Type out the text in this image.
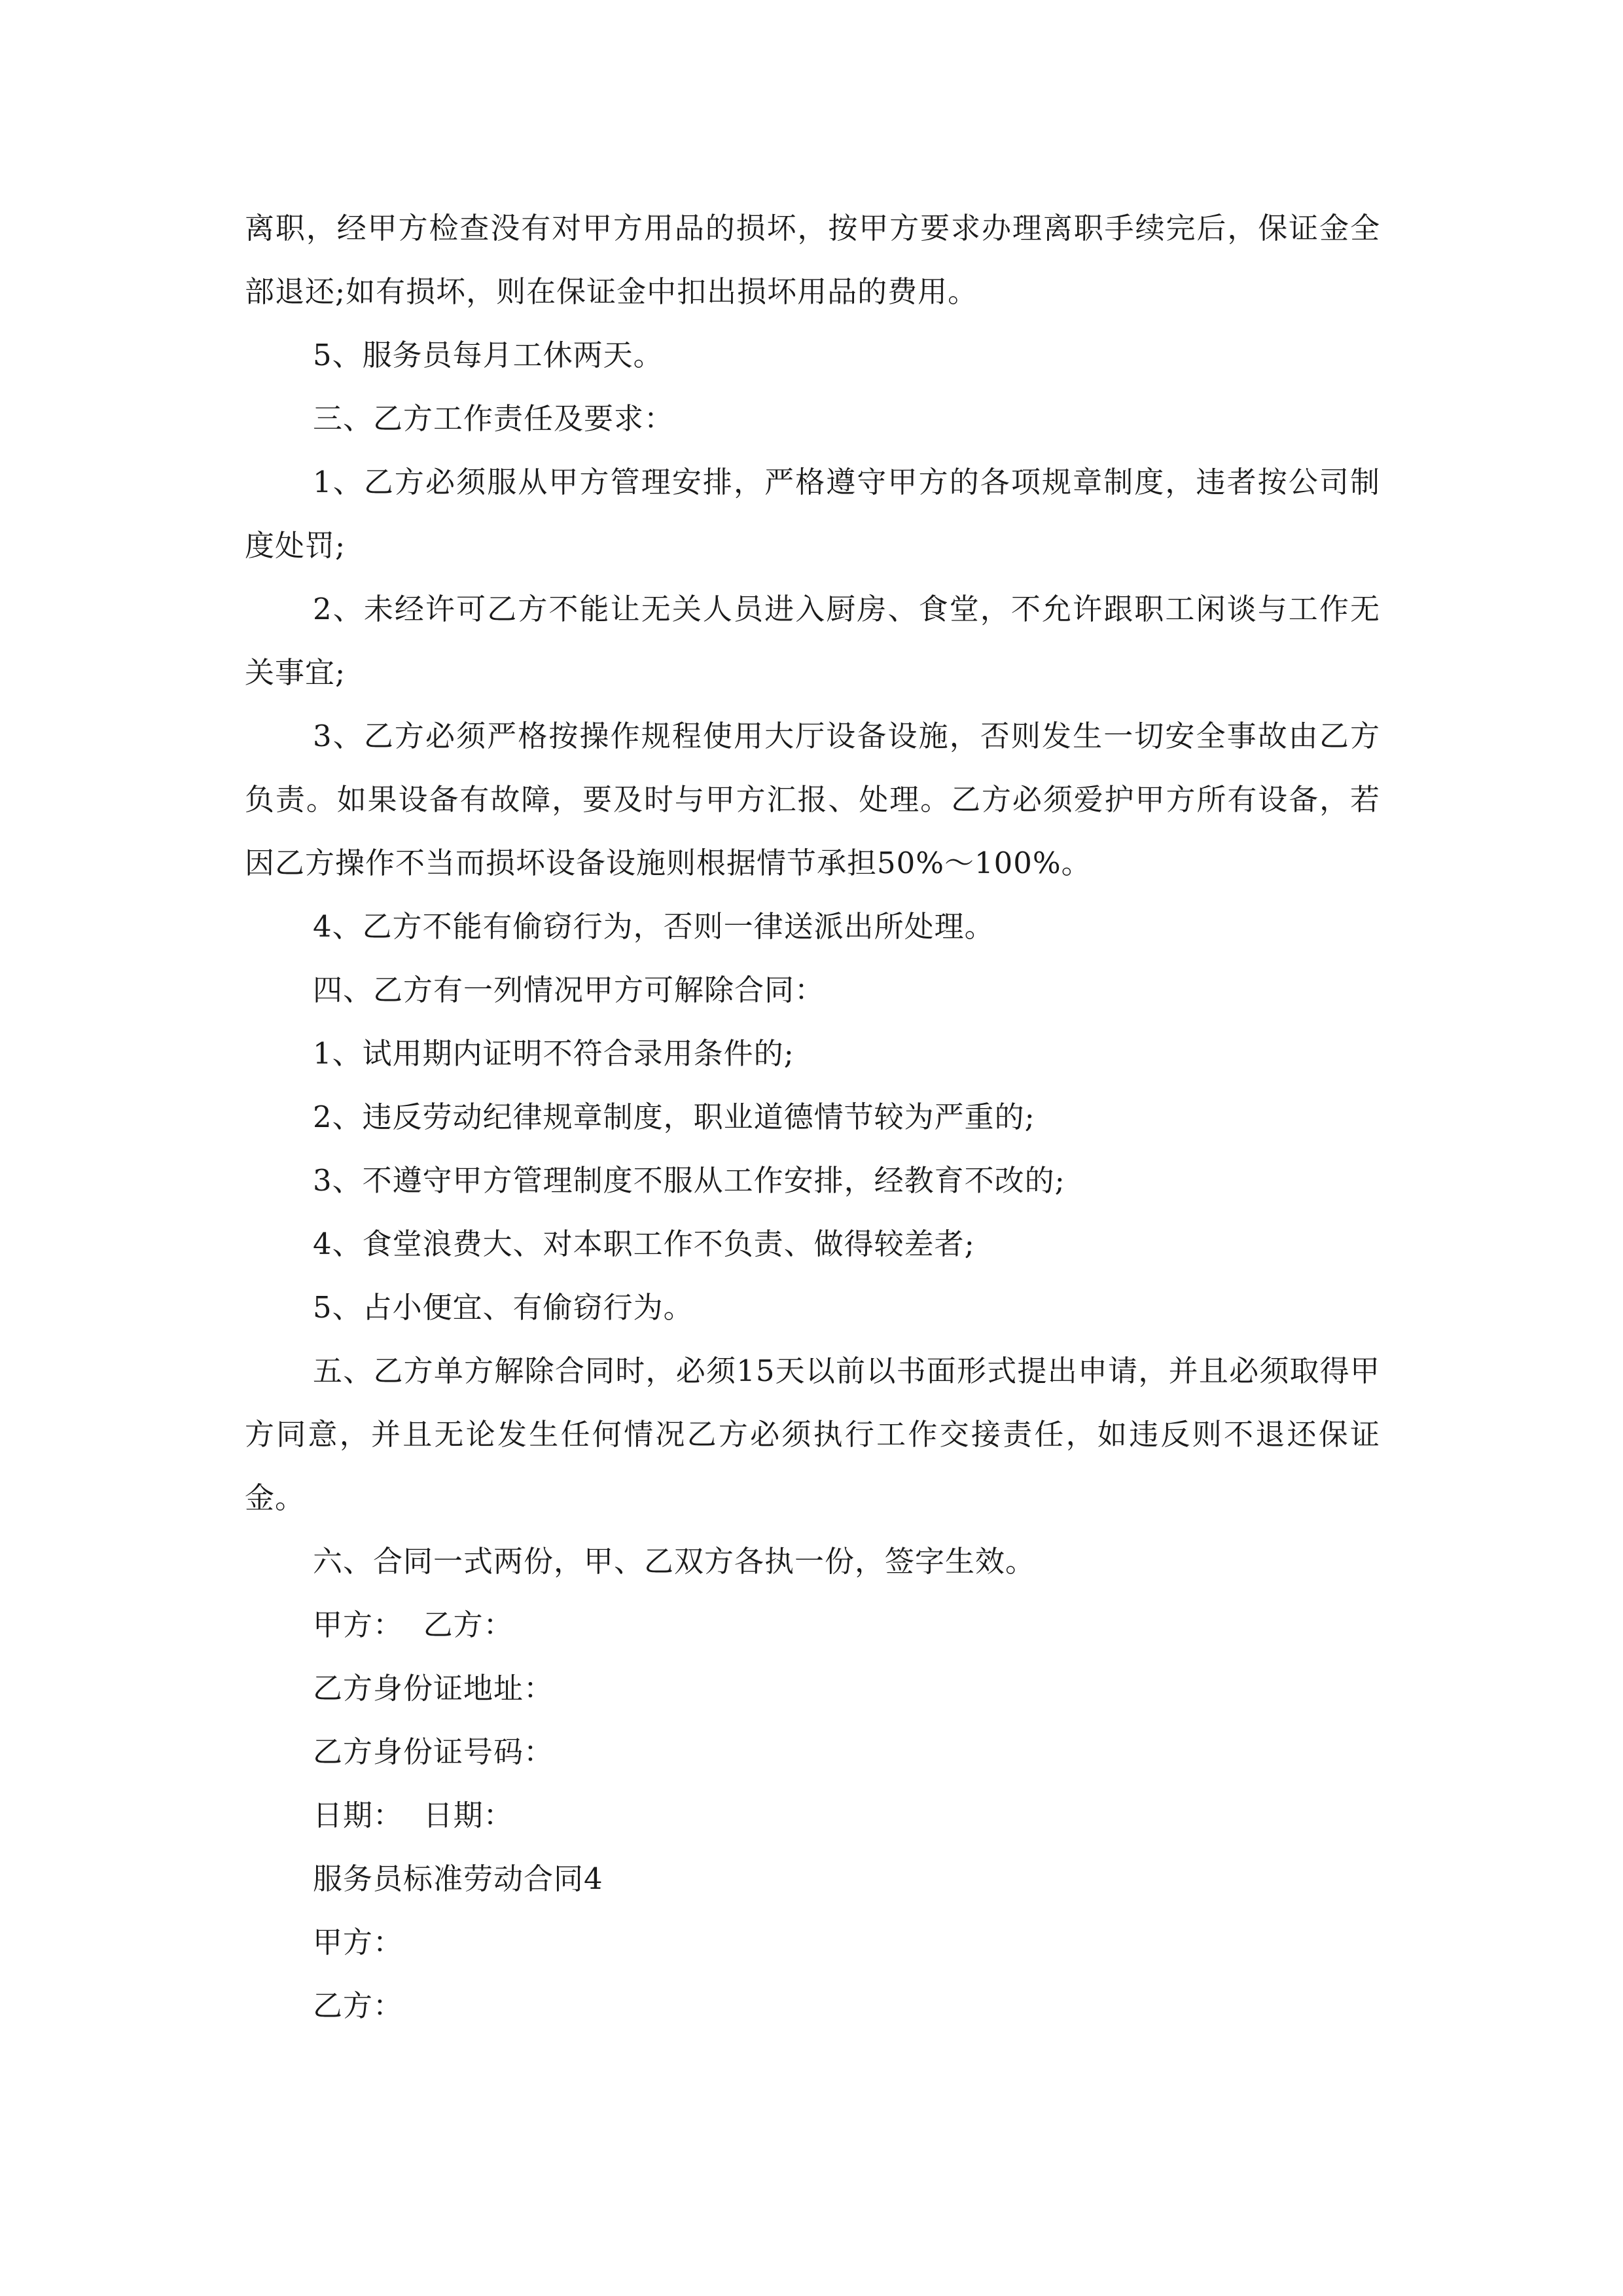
离职，经甲方检查没有对甲方用品的损坏，按甲方要求办理离职手续完后，保证金全部退还;如有损坏，则在保证金中扣出损坏用品的费用。

5、服务员每月工休两天。

三、乙方工作责任及要求：

1、乙方必须服从甲方管理安排，严格遵守甲方的各项规章制度，违者按公司制度处罚;

2、未经许可乙方不能让无关人员进入厨房、食堂，不允许跟职工闲谈与工作无关事宜;

3、乙方必须严格按操作规程使用大厅设备设施，否则发生一切安全事故由乙方负责。如果设备有故障，要及时与甲方汇报、处理。乙方必须爱护甲方所有设备，若因乙方操作不当而损坏设备设施则根据情节承担50%～100%。

4、乙方不能有偷窃行为，否则一律送派出所处理。

四、乙方有一列情况甲方可解除合同：

1、试用期内证明不符合录用条件的;

2、违反劳动纪律规章制度，职业道德情节较为严重的;

3、不遵守甲方管理制度不服从工作安排，经教育不改的;

4、食堂浪费大、对本职工作不负责、做得较差者;

5、占小便宜、有偷窃行为。

五、乙方单方解除合同时，必须15天以前以书面形式提出申请，并且必须取得甲方同意，并且无论发生任何情况乙方必须执行工作交接责任，如违反则不退还保证金。

六、合同一式两份，甲、乙双方各执一份，签字生效。

甲方：  乙方：

乙方身份证地址：

乙方身份证号码：

日期：  日期：

服务员标准劳动合同4

甲方：

乙方：
